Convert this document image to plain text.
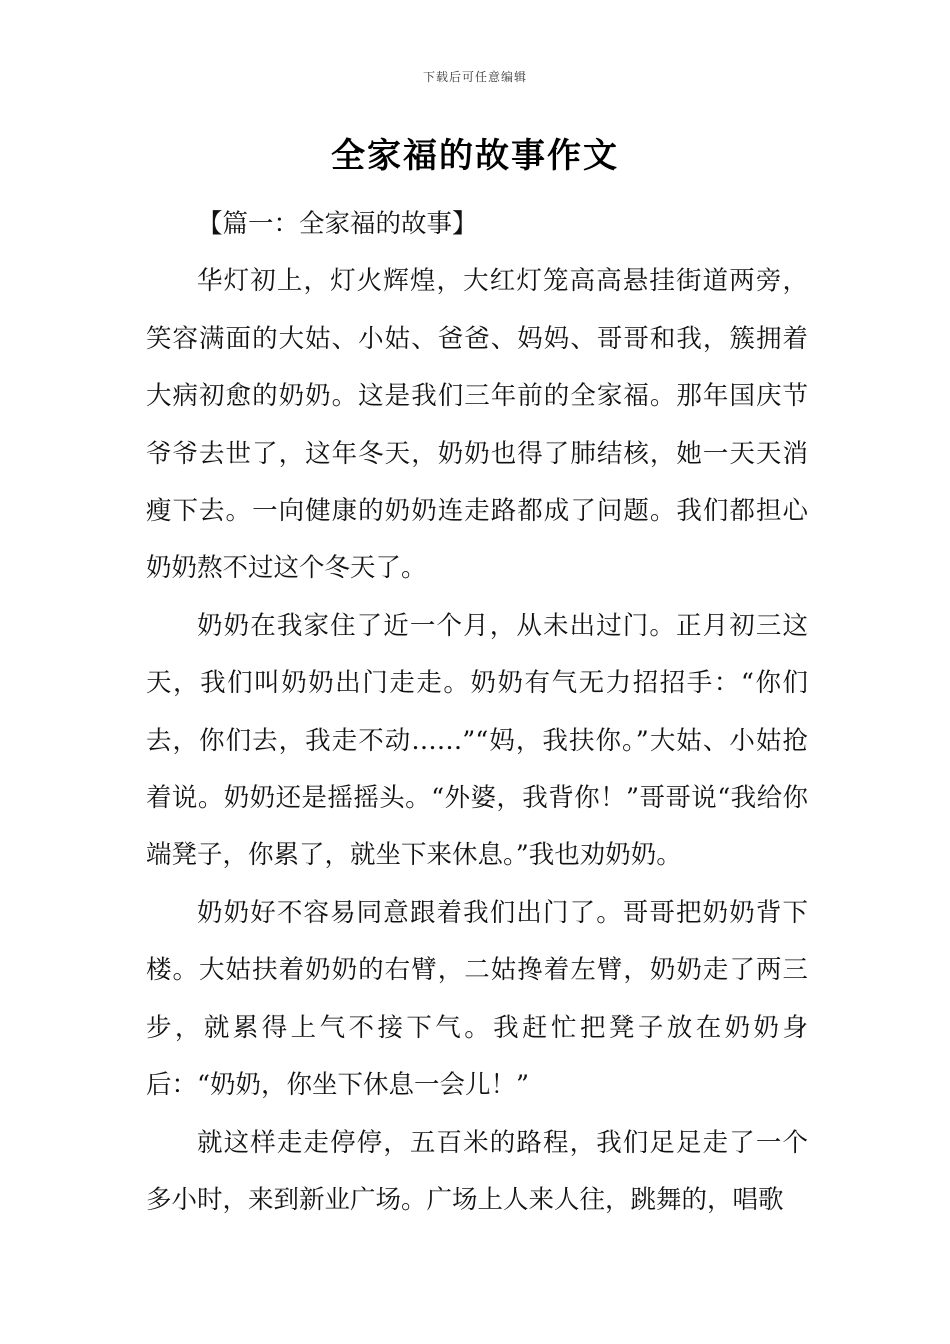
下载后可任意编辑
全家福的故事作文

【篇一：全家福的故事】

华灯初上，灯火辉煌，大红灯笼高高悬挂街道两旁，笑容满面的大姑、小姑、爸爸、妈妈、哥哥和我，簇拥着大病初愈的奶奶。这是我们三年前的全家福。那年国庆节爷爷去世了，这年冬天，奶奶也得了肺结核，她一天天消瘦下去。一向健康的奶奶连走路都成了问题。我们都担心奶奶熬不过这个冬天了。

奶奶在我家住了近一个月，从未出过门。正月初三这天，我们叫奶奶出门走走。奶奶有气无力招招手：“你们去，你们去，我走不动……”“妈，我扶你。”大姑、小姑抢着说。奶奶还是摇摇头。“外婆，我背你！”哥哥说“我给你端凳子，你累了，就坐下来休息。”我也劝奶奶。

奶奶好不容易同意跟着我们出门了。哥哥把奶奶背下楼。大姑扶着奶奶的右臂，二姑搀着左臂，奶奶走了两三步，就累得上气不接下气。我赶忙把凳子放在奶奶身后：“奶奶，你坐下休息一会儿！”

就这样走走停停，五百米的路程，我们足足走了一个多小时，来到新业广场。广场上人来人往，跳舞的，唱歌
